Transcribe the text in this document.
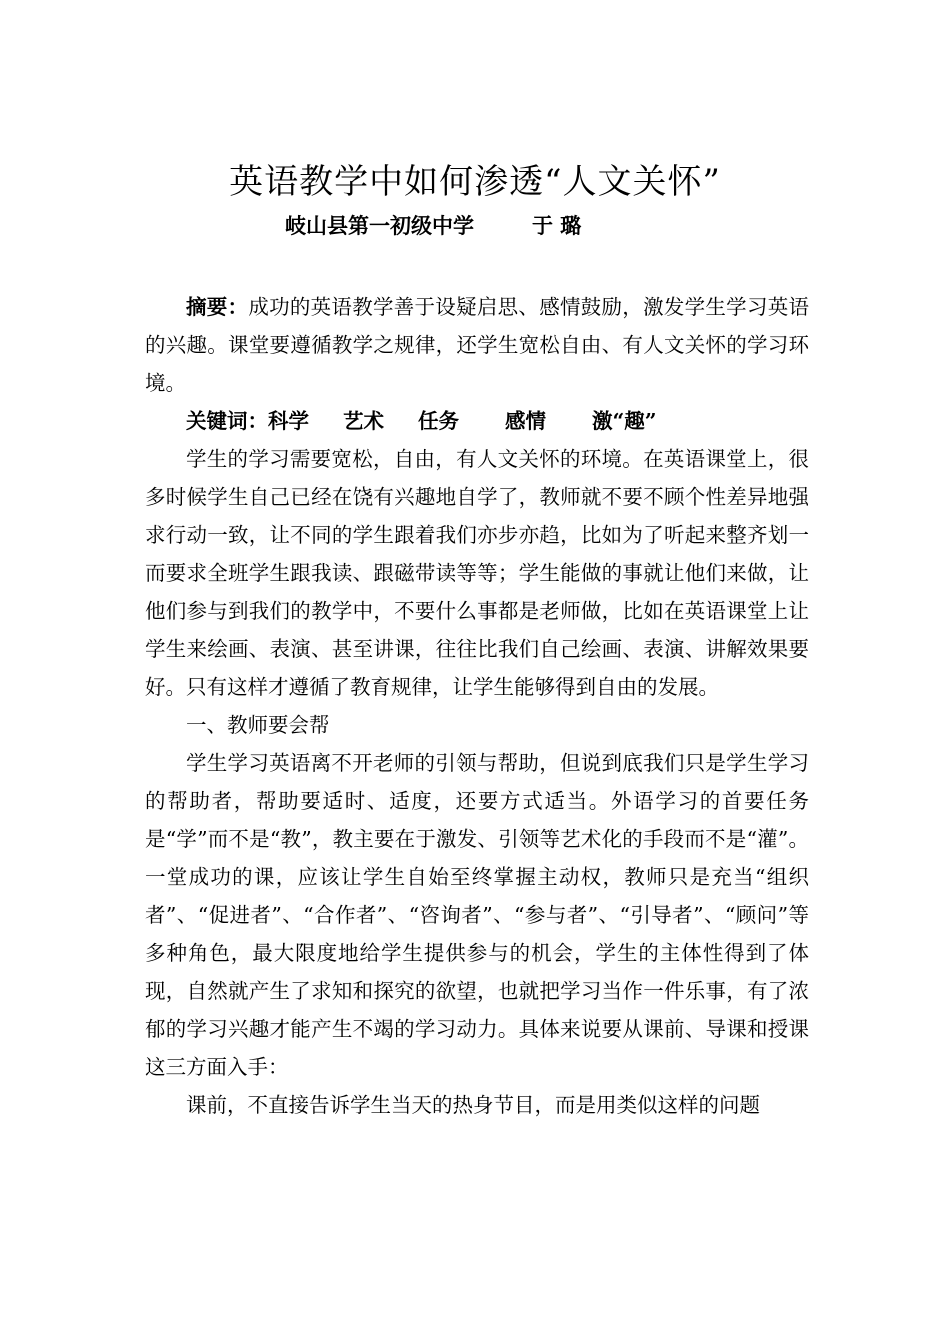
英语教学中如何渗透“人文关怀”
岐山县第一初级中学	于 璐

摘要：成功的英语教学善于设疑启思、感情鼓励，激发学生学习英语的兴趣。课堂要遵循教学之规律，还学生宽松自由、有人文关怀的学习环境。

关键词：科学 艺术 任务 感情 激“趣”

学生的学习需要宽松，自由，有人文关怀的环境。在英语课堂上，很多时候学生自己已经在饶有兴趣地自学了，教师就不要不顾个性差异地强求行动一致，让不同的学生跟着我们亦步亦趋，比如为了听起来整齐划一而要求全班学生跟我读、跟磁带读等等；学生能做的事就让他们来做，让他们参与到我们的教学中，不要什么事都是老师做，比如在英语课堂上让学生来绘画、表演、甚至讲课，往往比我们自己绘画、表演、讲解效果要好。只有这样才遵循了教育规律，让学生能够得到自由的发展。

一、教师要会帮

学生学习英语离不开老师的引领与帮助，但说到底我们只是学生学习的帮助者，帮助要适时、适度，还要方式适当。外语学习的首要任务是“学”而不是“教”，教主要在于激发、引领等艺术化的手段而不是“灌”。一堂成功的课，应该让学生自始至终掌握主动权，教师只是充当“组织者”、“促进者”、“合作者”、“咨询者”、“参与者”、“引导者”、“顾问”等多种角色，最大限度地给学生提供参与的机会，学生的主体性得到了体现，自然就产生了求知和探究的欲望，也就把学习当作一件乐事，有了浓郁的学习兴趣才能产生不竭的学习动力。具体来说要从课前、导课和授课这三方面入手：

课前，不直接告诉学生当天的热身节目，而是用类似这样的问题
